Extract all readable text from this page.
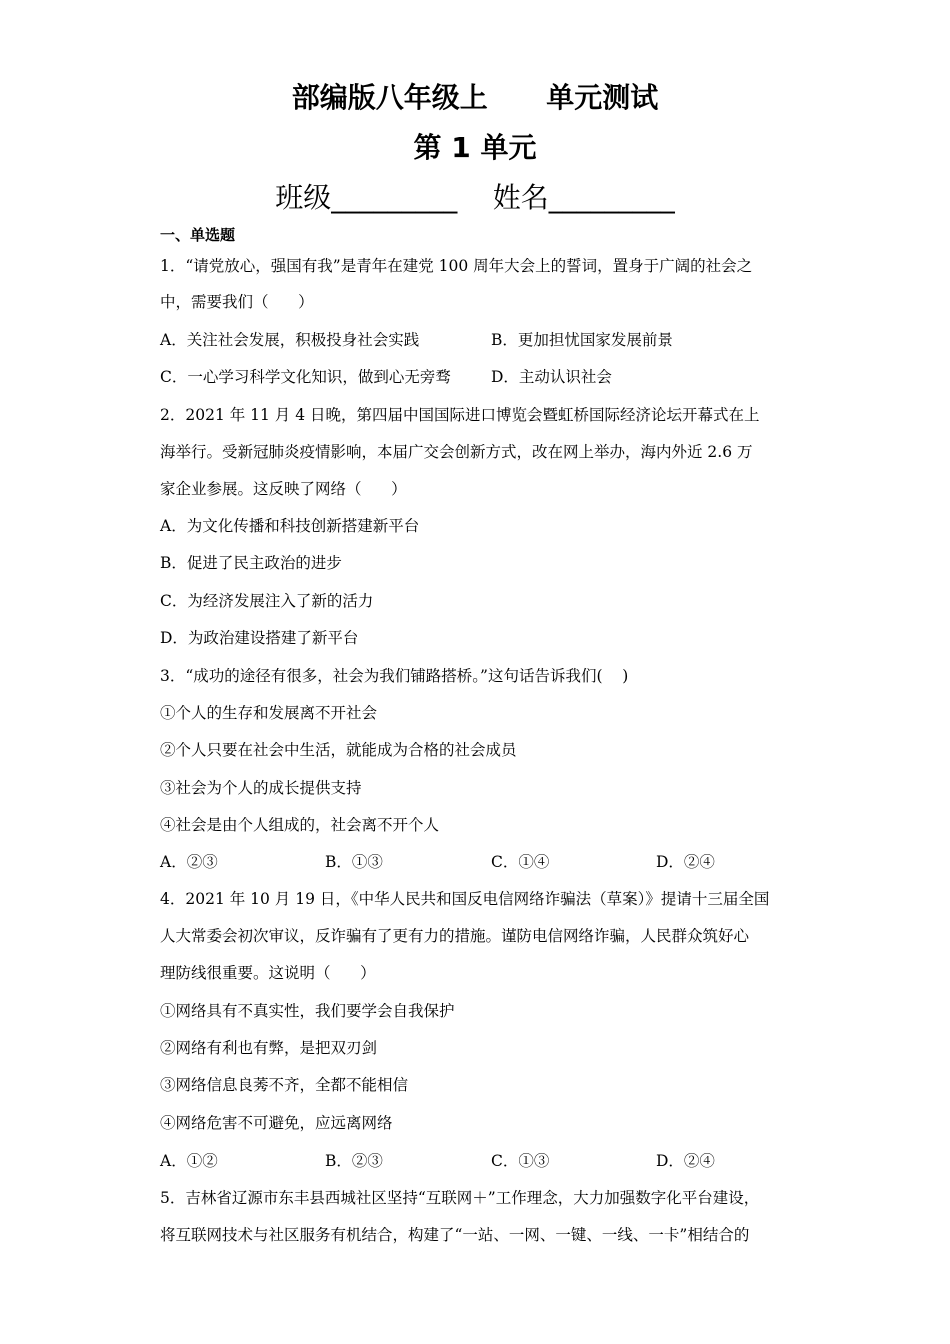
部编版八年级上      单元测试
第 1 单元
班级_________    姓名_________
一、单选题
1．“请党放心，强国有我”是青年在建党 100 周年大会上的誓词，置身于广阔的社会之
中，需要我们（      ）
A．关注社会发展，积极投身社会实践	B．更加担忧国家发展前景
C．一心学习科学文化知识，做到心无旁骛	D．主动认识社会
2．2021 年 11 月 4 日晚，第四届中国国际进口博览会暨虹桥国际经济论坛开幕式在上
海举行。受新冠肺炎疫情影响，本届广交会创新方式，改在网上举办，海内外近 2.6 万
家企业参展。这反映了网络（      ）
A．为文化传播和科技创新搭建新平台
B．促进了民主政治的进步
C．为经济发展注入了新的活力
D．为政治建设搭建了新平台
3．“成功的途径有很多，社会为我们铺路搭桥。”这句话告诉我们(    )
①个人的生存和发展离不开社会
②个人只要在社会中生活，就能成为合格的社会成员
③社会为个人的成长提供支持
④社会是由个人组成的，社会离不开个人
A．②③	B．①③	C．①④	D．②④
4．2021 年 10 月 19 日，《中华人民共和国反电信网络诈骗法（草案）》提请十三届全国
人大常委会初次审议，反诈骗有了更有力的措施。谨防电信网络诈骗，人民群众筑好心
理防线很重要。这说明（      ）
①网络具有不真实性，我们要学会自我保护
②网络有利也有弊，是把双刃剑
③网络信息良莠不齐，全都不能相信
④网络危害不可避免，应远离网络
A．①②	B．②③	C．①③	D．②④
5．吉林省辽源市东丰县西城社区坚持“互联网＋”工作理念，大力加强数字化平台建设，
将互联网技术与社区服务有机结合，构建了“一站、一网、一键、一线、一卡”相结合的
